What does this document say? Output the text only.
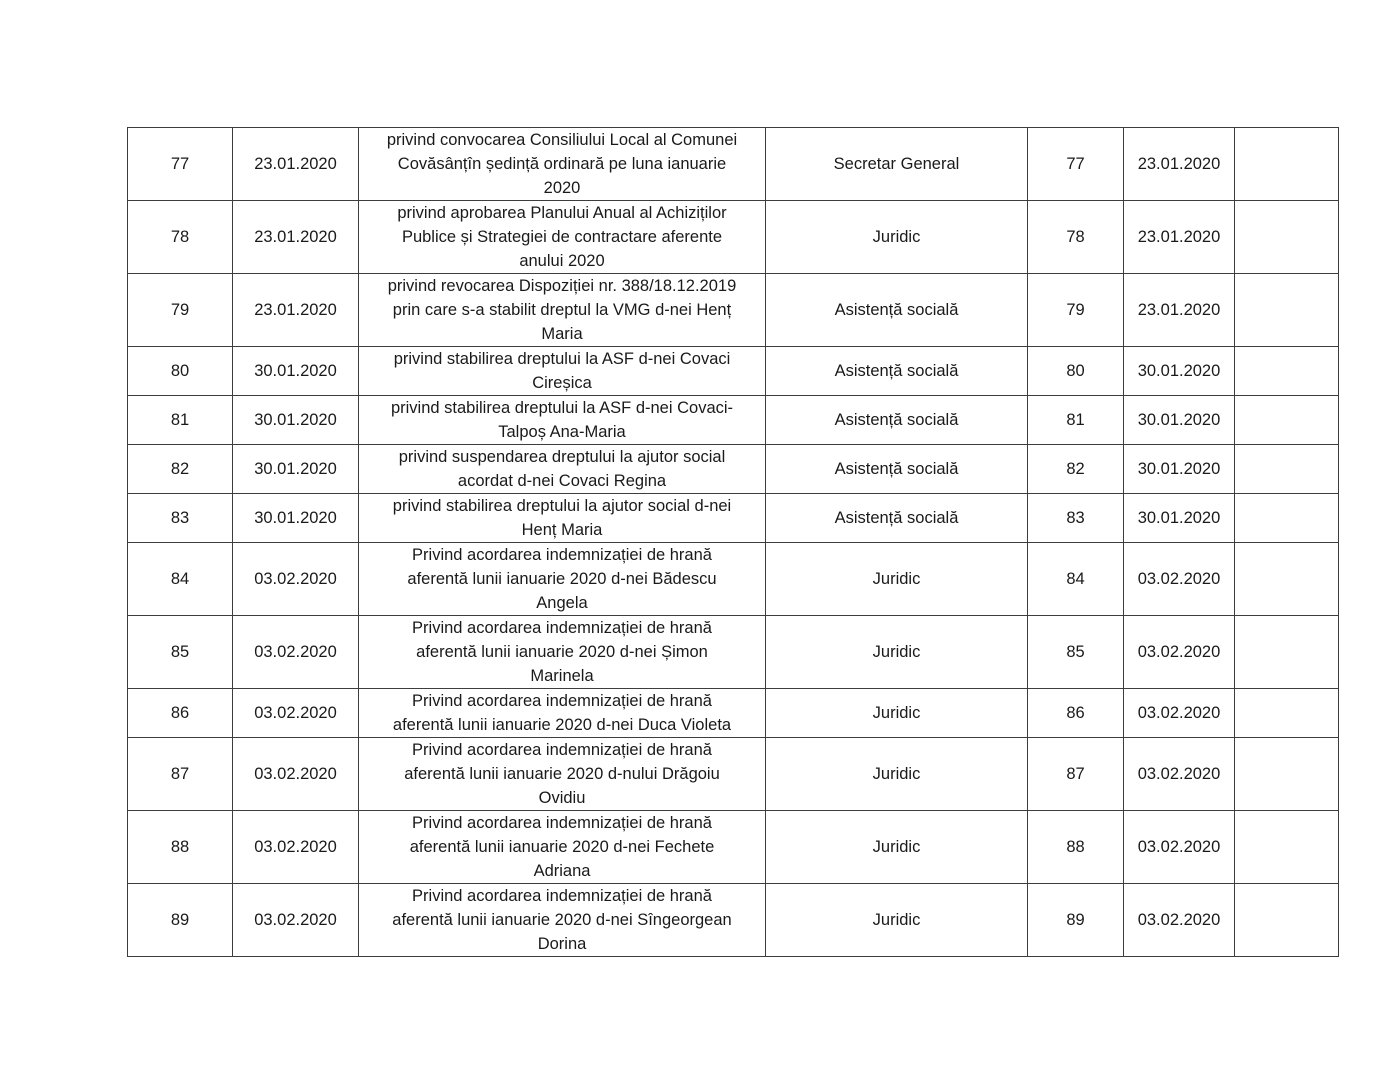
77	23.01.2020	privind convocarea Consiliului Local al Comunei
Covăsânțîn ședință ordinară pe luna ianuarie
2020	Secretar General	77	23.01.2020	
78	23.01.2020	privind aprobarea Planului Anual al Achiziților
Publice și Strategiei de contractare aferente
anului 2020	Juridic	78	23.01.2020	
79	23.01.2020	privind revocarea Dispoziției nr. 388/18.12.2019
prin care s-a stabilit dreptul la VMG d-nei Henț
Maria	Asistență socială	79	23.01.2020	
80	30.01.2020	privind stabilirea dreptului la ASF d-nei Covaci
Cireșica	Asistență socială	80	30.01.2020	
81	30.01.2020	privind stabilirea dreptului la ASF d-nei Covaci-
Talpoș Ana-Maria	Asistență socială	81	30.01.2020	
82	30.01.2020	privind suspendarea dreptului la ajutor social
acordat d-nei Covaci Regina	Asistență socială	82	30.01.2020	
83	30.01.2020	privind stabilirea dreptului la ajutor social d-nei
Henț Maria	Asistență socială	83	30.01.2020	
84	03.02.2020	Privind acordarea indemnizației de hrană
aferentă lunii ianuarie 2020 d-nei Bădescu
Angela	Juridic	84	03.02.2020	
85	03.02.2020	Privind acordarea indemnizației de hrană
aferentă lunii ianuarie 2020 d-nei Șimon
Marinela	Juridic	85	03.02.2020	
86	03.02.2020	Privind acordarea indemnizației de hrană
aferentă lunii ianuarie 2020 d-nei Duca Violeta	Juridic	86	03.02.2020	
87	03.02.2020	Privind acordarea indemnizației de hrană
aferentă lunii ianuarie 2020 d-nului Drăgoiu
Ovidiu	Juridic	87	03.02.2020	
88	03.02.2020	Privind acordarea indemnizației de hrană
aferentă lunii ianuarie 2020 d-nei Fechete
Adriana	Juridic	88	03.02.2020	
89	03.02.2020	Privind acordarea indemnizației de hrană
aferentă lunii ianuarie 2020 d-nei Sîngeorgean
Dorina	Juridic	89	03.02.2020	
